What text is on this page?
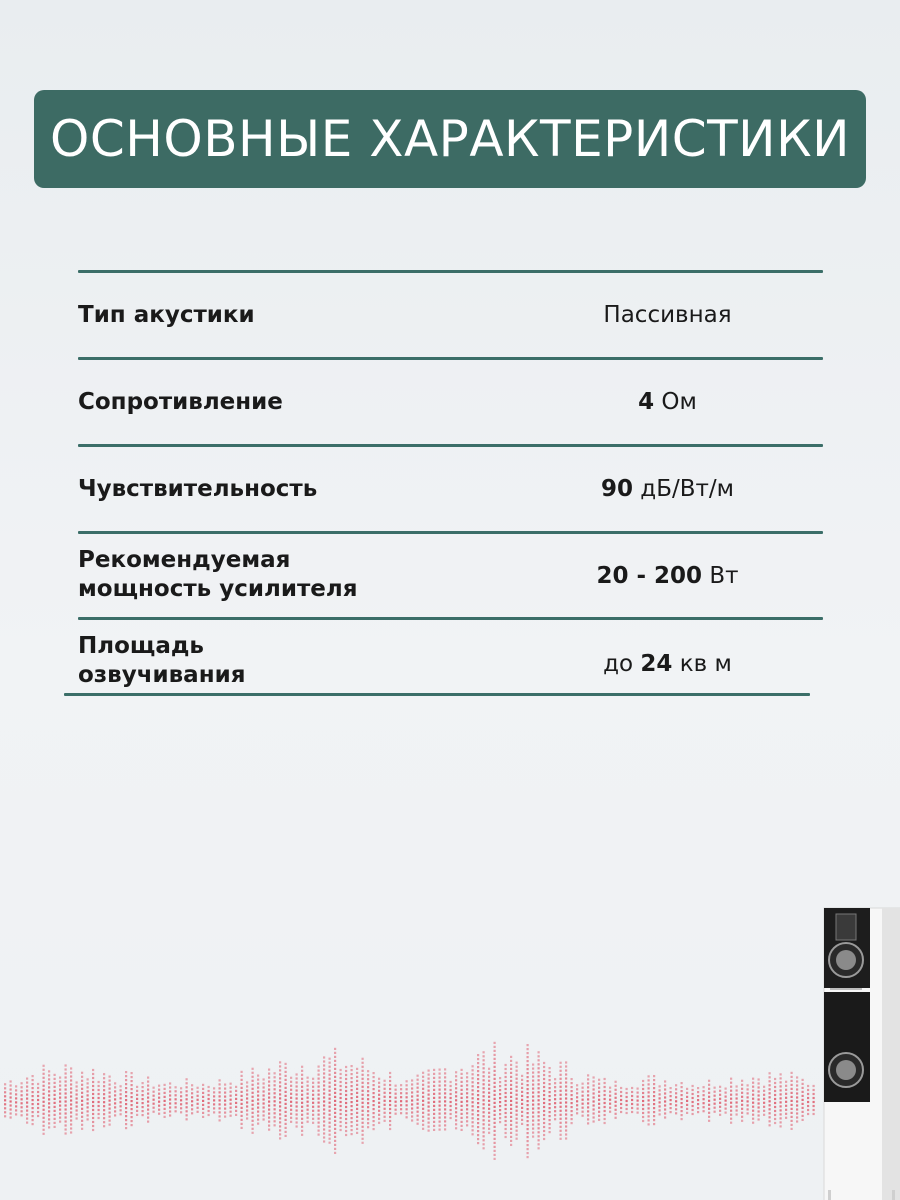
ОСНОВНЫЕ ХАРАКТЕРИСТИКИ
Тип акустики	Пассивная
Сопротивление	4 Ом
Чувствительность	90 дБ/Вт/м
Рекомендуемая мощность усилителя	20 - 200 Вт
Площадь озвучивания	до 24 кв м
